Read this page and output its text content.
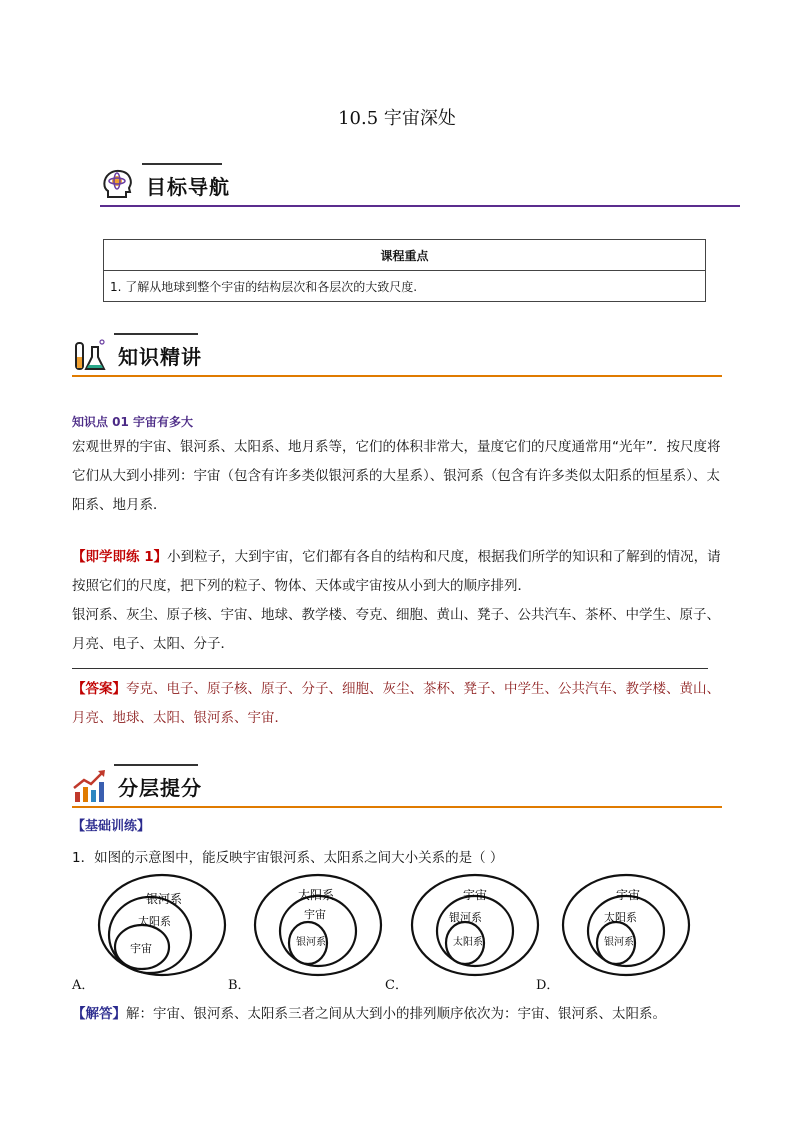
10.5 宇宙深处
目标导航
课程重点
1. 了解从地球到整个宇宙的结构层次和各层次的大致尺度.
知识精讲
知识点 01 宇宙有多大
宏观世界的宇宙、银河系、太阳系、地月系等，它们的体积非常大，量度它们的尺度通常用“光年”．按尺度将它们从大到小排列：宇宙（包含有许多类似银河系的大星系）、银河系（包含有许多类似太阳系的恒星系）、太阳系、地月系．
【即学即练 1】小到粒子，大到宇宙，它们都有各自的结构和尺度，根据我们所学的知识和了解到的情况，请按照它们的尺度，把下列的粒子、物体、天体或宇宙按从小到大的顺序排列．
银河系、灰尘、原子核、宇宙、地球、教学楼、夸克、细胞、黄山、凳子、公共汽车、茶杯、中学生、原子、月亮、电子、太阳、分子．
【答案】夸克、电子、原子核、原子、分子、细胞、灰尘、茶杯、凳子、中学生、公共汽车、教学楼、黄山、月亮、地球、太阳、银河系、宇宙．
分层提分
【基础训练】
1．如图的示意图中，能反映宇宙银河系、太阳系之间大小关系的是（ ）
A．
银河系
太阳系
宇宙
B．
太阳系
宇宙
银河系
C．
宇宙
银河系
太阳系
D．
宇宙
太阳系
银河系
【解答】解：宇宙、银河系、太阳系三者之间从大到小的排列顺序依次为：宇宙、银河系、太阳系。
